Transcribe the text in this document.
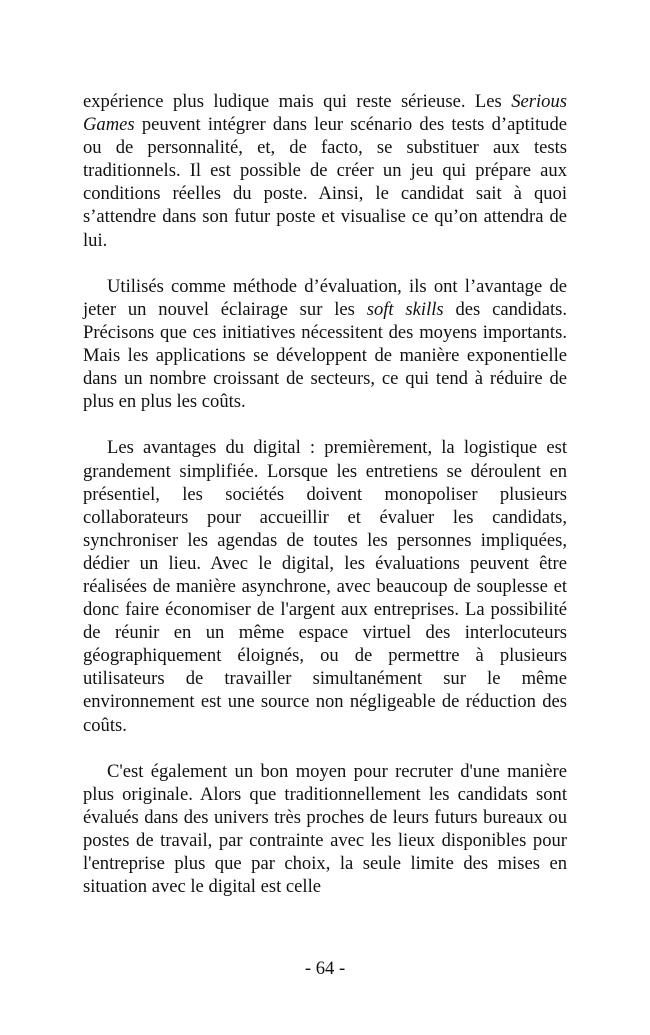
expérience plus ludique mais qui reste sérieuse. Les Serious Games peuvent intégrer dans leur scénario des tests d’aptitude ou de personnalité, et, de facto, se substituer aux tests traditionnels. Il est possible de créer un jeu qui prépare aux conditions réelles du poste. Ainsi, le candidat sait à quoi s’attendre dans son futur poste et visualise ce qu’on attendra de lui.

Utilisés comme méthode d’évaluation, ils ont l’avantage de jeter un nouvel éclairage sur les soft skills des candidats. Précisons que ces initiatives nécessitent des moyens importants. Mais les applications se développent de manière exponentielle dans un nombre croissant de secteurs, ce qui tend à réduire de plus en plus les coûts.

Les avantages du digital : premièrement, la logistique est grandement simplifiée. Lorsque les entretiens se déroulent en présentiel, les sociétés doivent monopoliser plusieurs collaborateurs pour accueillir et évaluer les candidats, synchroniser les agendas de toutes les personnes impliquées, dédier un lieu. Avec le digital, les évaluations peuvent être réalisées de manière asynchrone, avec beaucoup de souplesse et donc faire économiser de l'argent aux entreprises. La possibilité de réunir en un même espace virtuel des interlocuteurs géographiquement éloignés, ou de permettre à plusieurs utilisateurs de travailler simultanément sur le même environnement est une source non négligeable de réduction des coûts.

C'est également un bon moyen pour recruter d'une manière plus originale. Alors que traditionnellement les candidats sont évalués dans des univers très proches de leurs futurs bureaux ou postes de travail, par contrainte avec les lieux disponibles pour l'entreprise plus que par choix, la seule limite des mises en situation avec le digital est celle

- 64 -
